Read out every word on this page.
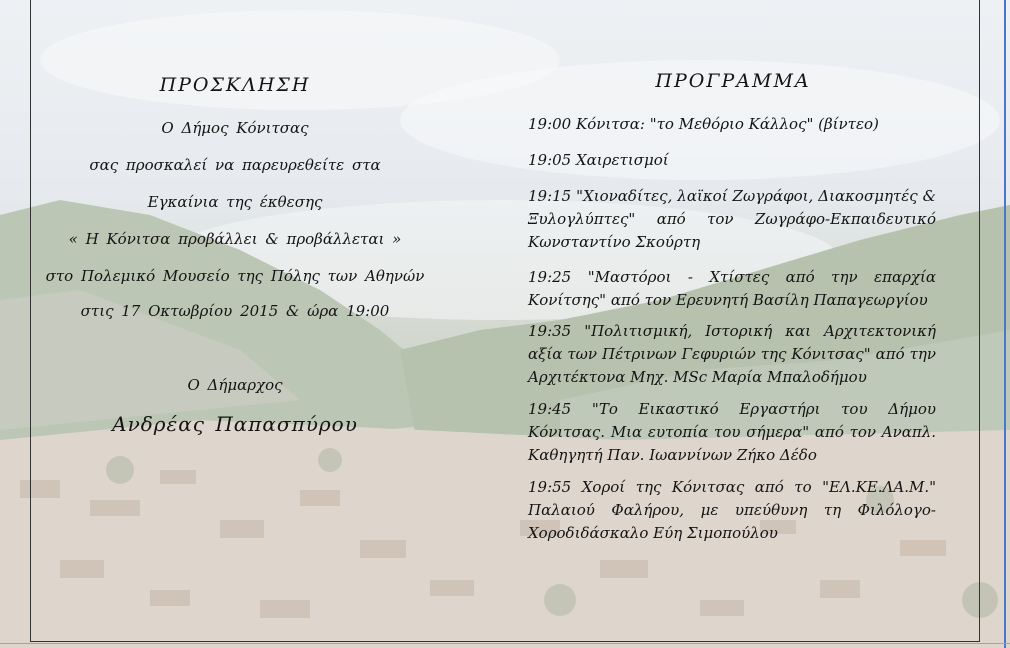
ΠΡΟΣΚΛΗΣΗ
Ο Δήμος Κόνιτσας
σας προσκαλεί να παρευρεθείτε στα
Εγκαίνια της έκθεσης
« Η Κόνιτσα προβάλλει & προβάλλεται »
στο Πολεμικό Μουσείο της Πόλης των Αθηνών
στις 17 Οκτωβρίου 2015 & ώρα 19:00
Ο Δήμαρχος
Ανδρέας Παπασπύρου
ΠΡΟΓΡΑΜΜΑ
19:00 Κόνιτσα: "το Μεθόριο Κάλλος" (βίντεο)
19:05 Χαιρετισμοί
19:15 "Χιοναδίτες, λαϊκοί Ζωγράφοι, Διακοσμητές & Ξυλογλύπτες" από τον Ζωγράφο-Εκπαιδευτικό Κωνσταντίνο Σκούρτη
19:25 "Μαστόροι - Χτίστες από την επαρχία Κονίτσης" από τον Ερευνητή Βασίλη Παπαγεωργίου
19:35 "Πολιτισμική, Ιστορική και Αρχιτεκτονική αξία των Πέτρινων Γεφυριών της Κόνιτσας" από την Αρχιτέκτονα Μηχ. MSc Μαρία Μπαλοδήμου
19:45 "Το Εικαστικό Εργαστήρι του Δήμου Κόνιτσας. Μια ευτοπία του σήμερα" από τον Αναπλ. Καθηγητή Παν. Ιωαννίνων Ζήκο Δέδο
19:55 Χοροί της Κόνιτσας από το "ΕΛ.ΚΕ.ΛΑ.Μ." Παλαιού Φαλήρου, με υπεύθυνη τη Φιλόλογο-Χοροδιδάσκαλο Εύη Σιμοπούλου
